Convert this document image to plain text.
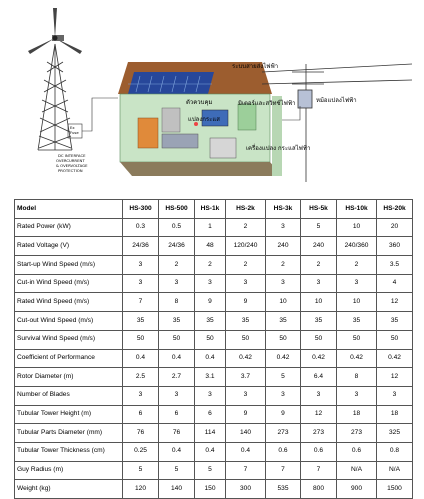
Ex
Fuse
DC INTERFACE
OVERCURRENT
& OVERVOLTAGE
PROTECTION
ตัวควบคุม
แปลงกระแส
มิเตอร์และสวิทช์ไฟฟ้า
เครื่องแปลง กระแสไฟฟ้า
ระบบสายส่งไฟฟ้า
หม้อแปลงไฟฟ้า
Model	HS-300	HS-500	HS-1k	HS-2k	HS-3k	HS-5k	HS-10k	HS-20k
Rated Power (kW)	0.3	0.5	1	2	3	5	10	20
Rated Voltage (V)	24/36	24/36	48	120/240	240	240	240/360	360
Start-up Wind Speed (m/s)	3	2	2	2	2	2	2	3.5
Cut-in Wind Speed (m/s)	3	3	3	3	3	3	3	4
Rated Wind Speed (m/s)	7	8	9	9	10	10	10	12
Cut-out Wind Speed (m/s)	35	35	35	35	35	35	35	35
Survival Wind Speed (m/s)	50	50	50	50	50	50	50	50
Coefficient of Performance	0.4	0.4	0.4	0.42	0.42	0.42	0.42	0.42
Rotor Diameter (m)	2.5	2.7	3.1	3.7	5	6.4	8	12
Number of Blades	3	3	3	3	3	3	3	3
Tubular Tower Height (m)	6	6	6	9	9	12	18	18
Tubular Parts Diameter (mm)	76	76	114	140	273	273	273	325
Tubular Tower Thickness (cm)	0.25	0.4	0.4	0.4	0.6	0.6	0.6	0.8
Guy Radius (m)	5	5	5	7	7	7	N/A	N/A
Weight (kg)	120	140	150	300	535	800	900	1500
